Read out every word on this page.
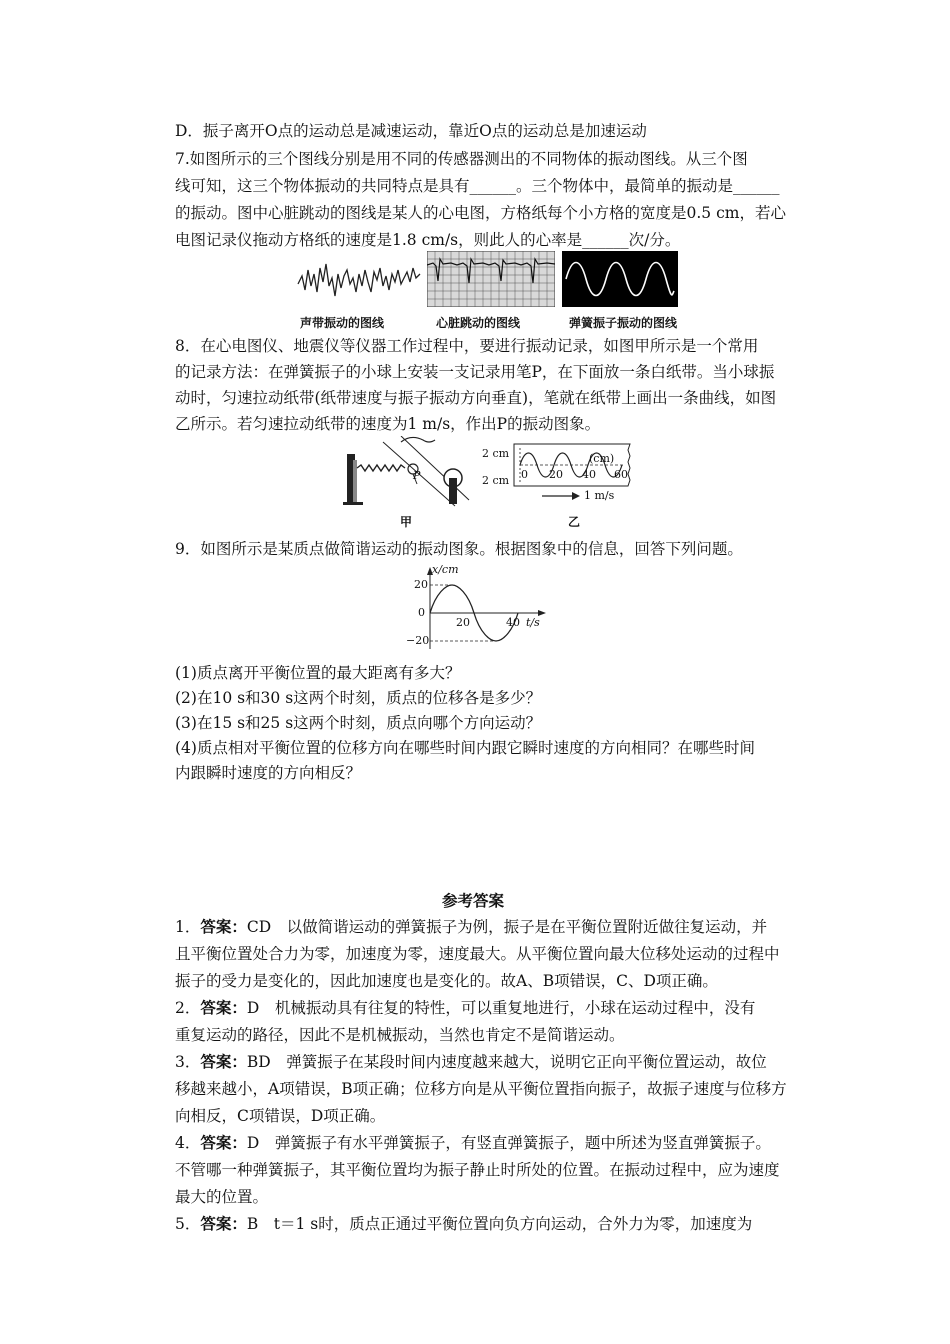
D．振子离开O点的运动总是减速运动，靠近O点的运动总是加速运动
7.如图所示的三个图线分别是用不同的传感器测出的不同物体的振动图线。从三个图
线可知，这三个物体振动的共同特点是具有______。三个物体中，最简单的振动是______
的振动。图中心脏跳动的图线是某人的心电图，方格纸每个小方格的宽度是0.5 cm，若心
电图记录仪拖动方格纸的速度是1.8 cm/s，则此人的心率是______次/分。
声带振动的图线	心脏跳动的图线	弹簧振子振动的图线
8．在心电图仪、地震仪等仪器工作过程中，要进行振动记录，如图甲所示是一个常用
的记录方法：在弹簧振子的小球上安装一支记录用笔P，在下面放一条白纸带。当小球振
动时，匀速拉动纸带(纸带速度与振子振动方向垂直)，笔就在纸带上画出一条曲线，如图
乙所示。若匀速拉动纸带的速度为1 m/s，作出P的振动图象。
P
2 cm
2 cm
(cm)
0 20 40 60
1 m/s
甲	乙
9．如图所示是某质点做简谐运动的振动图象。根据图象中的信息，回答下列问题。
x/cm
20
0
−20
20	40 t/s
(1)质点离开平衡位置的最大距离有多大？
(2)在10 s和30 s这两个时刻，质点的位移各是多少？
(3)在15 s和25 s这两个时刻，质点向哪个方向运动？
(4)质点相对平衡位置的位移方向在哪些时间内跟它瞬时速度的方向相同？在哪些时间
内跟瞬时速度的方向相反？
参考答案
1．答案：CD　以做简谐运动的弹簧振子为例，振子是在平衡位置附近做往复运动，并
且平衡位置处合力为零，加速度为零，速度最大。从平衡位置向最大位移处运动的过程中
振子的受力是变化的，因此加速度也是变化的。故A、B项错误，C、D项正确。
2．答案：D　机械振动具有往复的特性，可以重复地进行，小球在运动过程中，没有
重复运动的路径，因此不是机械振动，当然也肯定不是简谐运动。
3．答案：BD　弹簧振子在某段时间内速度越来越大，说明它正向平衡位置运动，故位
移越来越小，A项错误，B项正确；位移方向是从平衡位置指向振子，故振子速度与位移方
向相反，C项错误，D项正确。
4．答案：D　弹簧振子有水平弹簧振子，有竖直弹簧振子，题中所述为竖直弹簧振子。
不管哪一种弹簧振子，其平衡位置均为振子静止时所处的位置。在振动过程中，应为速度
最大的位置。
5．答案：B　t＝1 s时，质点正通过平衡位置向负方向运动，合外力为零，加速度为
